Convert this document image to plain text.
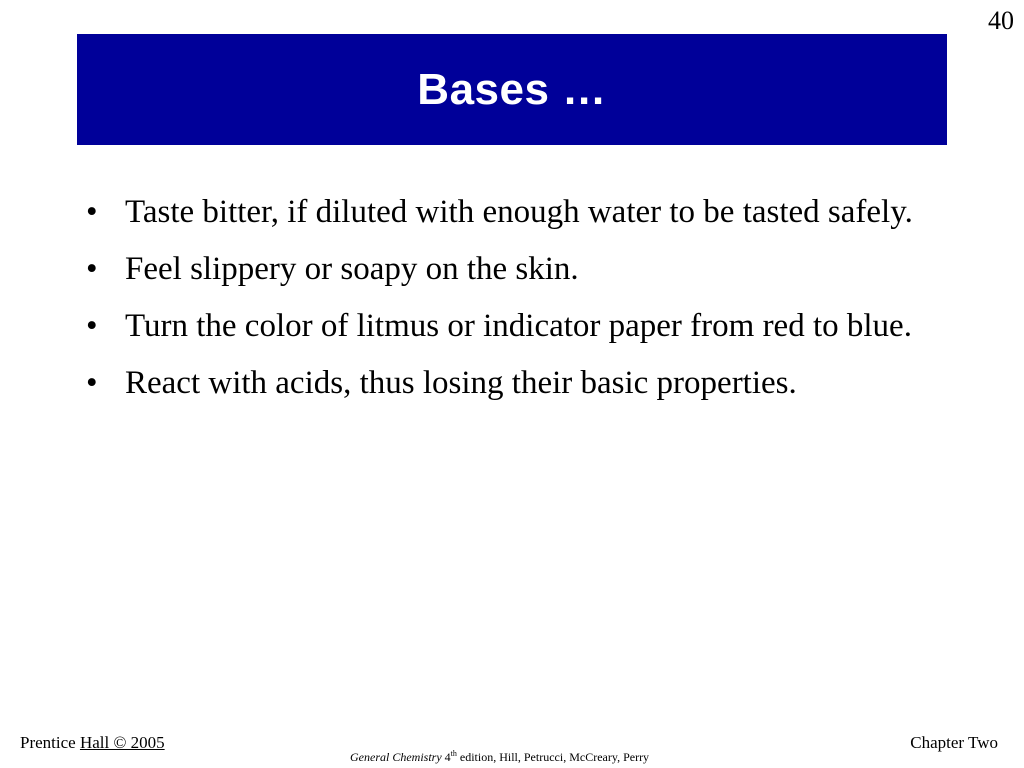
40
Bases …
• Taste bitter, if diluted with enough water to be tasted safely.
• Feel slippery or soapy on the skin.
• Turn the color of litmus or indicator paper from red to blue.
• React with acids, thus losing their basic properties.
Prentice Hall © 2005
General Chemistry 4th edition, Hill, Petrucci, McCreary, Perry
Chapter Two
